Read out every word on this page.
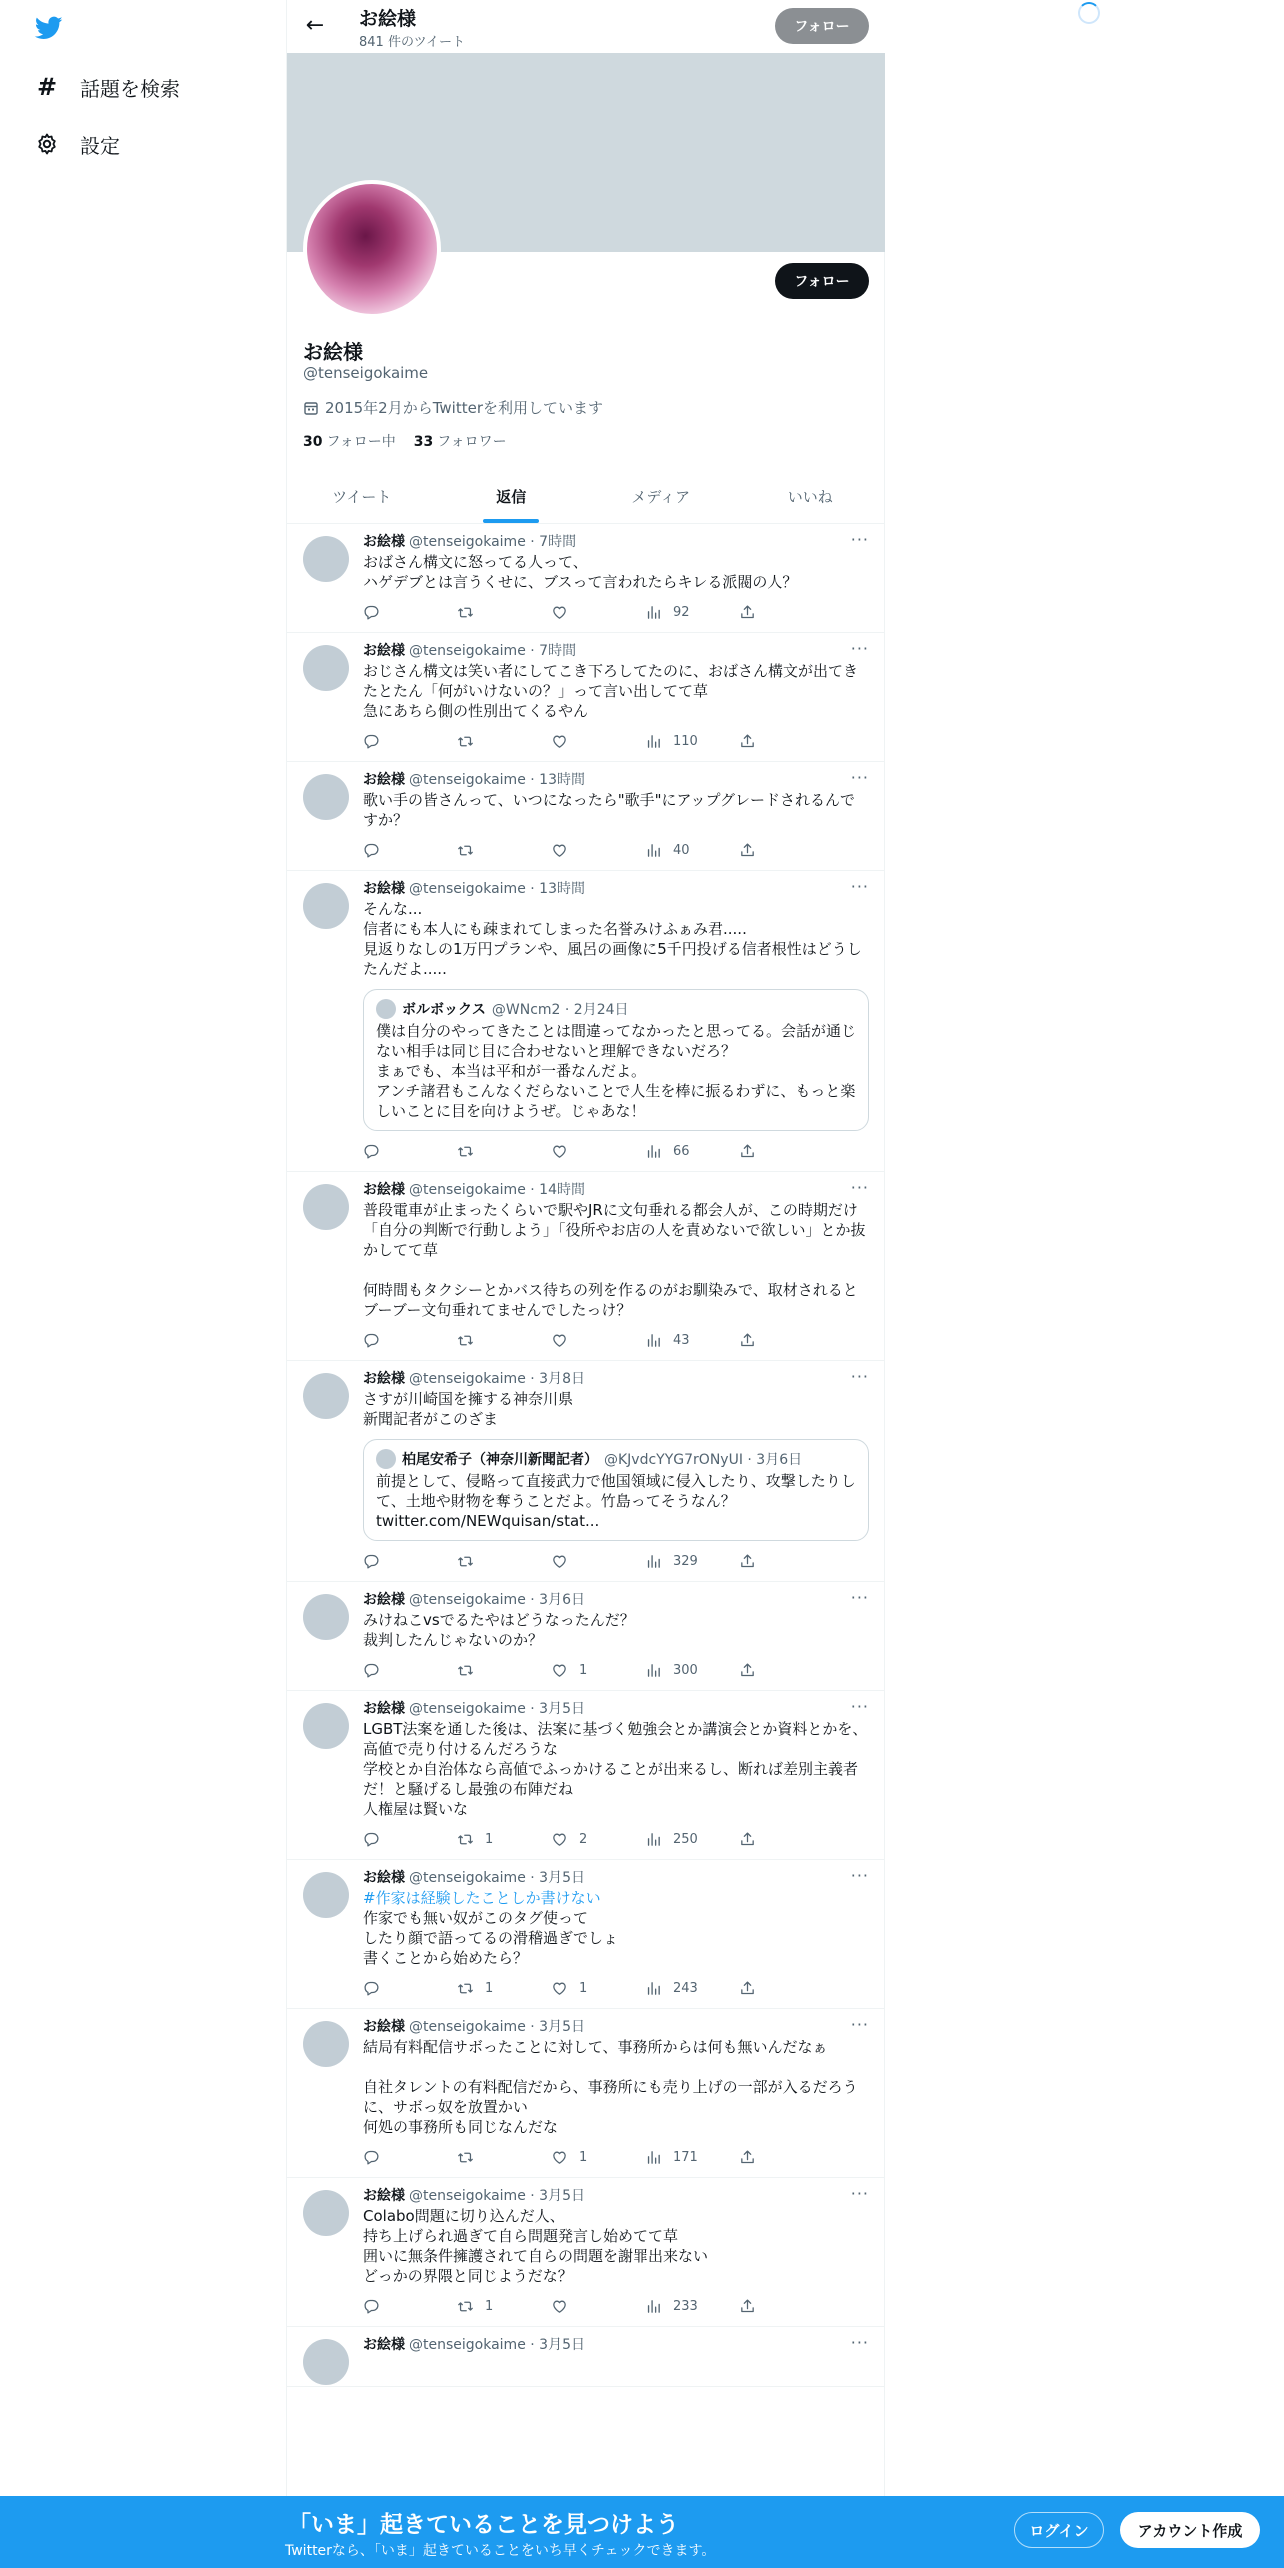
# 話題を検索
設定
← お絵様
841 件のツイート
フォロー
フォロー
お絵様
@tenseigokaime
2015年2月からTwitterを利用しています
30 フォロー中 33 フォロワー
ツイート	返信	メディア	いいね
···
お絵様 @tenseigokaime · 7時間
おばさん構文に怒ってる人って、
ハゲデブとは言うくせに、ブスって言われたらキレる派閥の人？
92
···
お絵様 @tenseigokaime · 7時間
おじさん構文は笑い者にしてこき下ろしてたのに、おばさん構文が出てきたとたん「何がいけないの？」って言い出してて草
急にあちら側の性別出てくるやん
110
···
お絵様 @tenseigokaime · 13時間
歌い手の皆さんって、いつになったら"歌手"にアップグレードされるんですか？
40
···
お絵様 @tenseigokaime · 13時間
そんな...
信者にも本人にも疎まれてしまった名誉みけふぁみ君.....
見返りなしの1万円プランや、風呂の画像に5千円投げる信者根性はどうしたんだよ.....
ボルボックス @WNcm2 · 2月24日
僕は自分のやってきたことは間違ってなかったと思ってる。会話が通じない相手は同じ目に合わせないと理解できないだろ？
まぁでも、本当は平和が一番なんだよ。
アンチ諸君もこんなくだらないことで人生を棒に振るわずに、もっと楽しいことに目を向けようぜ。じゃあな！
66
···
お絵様 @tenseigokaime · 14時間
普段電車が止まったくらいで駅やJRに文句垂れる都会人が、この時期だけ「自分の判断で行動しよう」「役所やお店の人を責めないで欲しい」とか抜かしてて草

何時間もタクシーとかバス待ちの列を作るのがお馴染みで、取材されるとブーブー文句垂れてませんでしたっけ？
43
···
お絵様 @tenseigokaime · 3月8日
さすが川崎国を擁する神奈川県
新聞記者がこのざま
柏尾安希子（神奈川新聞記者） @KJvdcYYG7rONyUI · 3月6日
前提として、侵略って直接武力で他国領域に侵入したり、攻撃したりして、土地や財物を奪うことだよ。竹島ってそうなん？
twitter.com/NEWquisan/stat...
329
···
お絵様 @tenseigokaime · 3月6日
みけねこvsでるたやはどうなったんだ？
裁判したんじゃないのか？
1	300
···
お絵様 @tenseigokaime · 3月5日
LGBT法案を通した後は、法案に基づく勉強会とか講演会とか資料とかを、高値で売り付けるんだろうな
学校とか自治体なら高値でふっかけることが出来るし、断れば差別主義者だ！と騒げるし最強の布陣だね
人権屋は賢いな
1	2	250
···
お絵様 @tenseigokaime · 3月5日
#作家は経験したことしか書けない
作家でも無い奴がこのタグ使って
したり顔で語ってるの滑稽過ぎでしょ
書くことから始めたら？
1	1	243
···
お絵様 @tenseigokaime · 3月5日
結局有料配信サボったことに対して、事務所からは何も無いんだなぁ

自社タレントの有料配信だから、事務所にも売り上げの一部が入るだろうに、サボっ奴を放置かい
何処の事務所も同じなんだな
1	171
···
お絵様 @tenseigokaime · 3月5日
Colabo問題に切り込んだ人、
持ち上げられ過ぎて自ら問題発言し始めてて草
囲いに無条件擁護されて自らの問題を謝罪出来ない
どっかの界隈と同じようだな？
1	233
···
お絵様 @tenseigokaime · 3月5日
「いま」起きていることを見つけよう
Twitterなら、「いま」起きていることをいち早くチェックできます。
ログイン	アカウント作成
